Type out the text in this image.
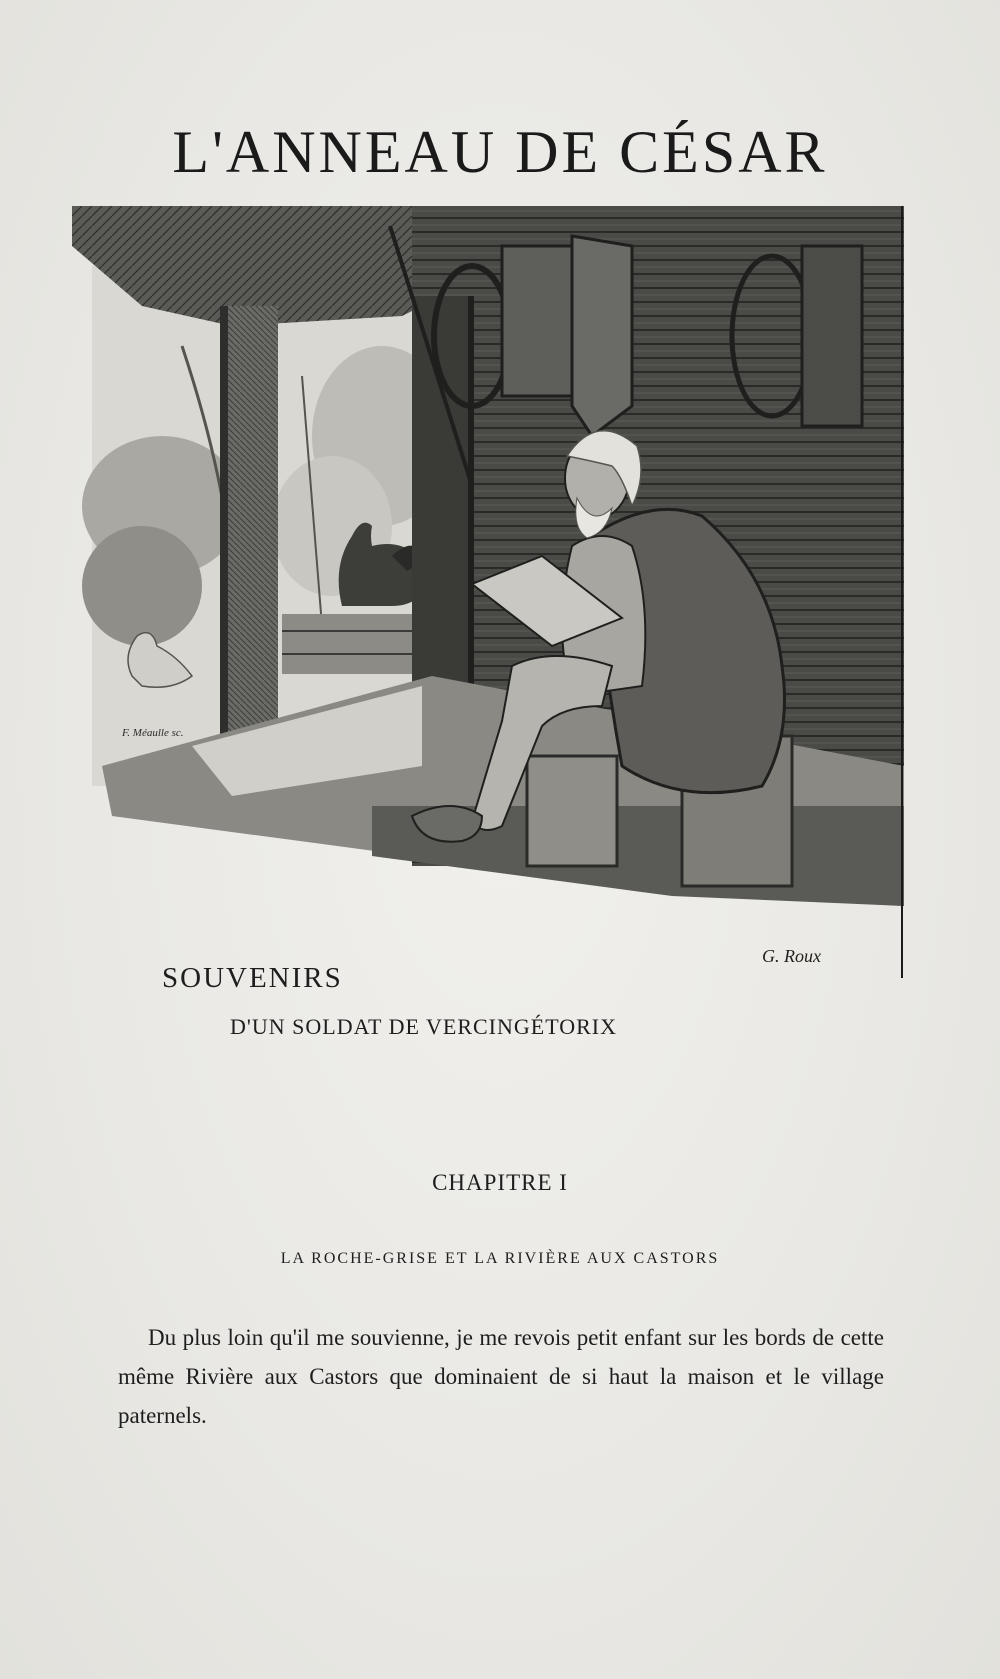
L'ANNEAU DE CÉSAR
F. Méaulle sc.
G. Roux
SOUVENIRS
D'UN SOLDAT DE VERCINGÉTORIX
CHAPITRE I
LA ROCHE-GRISE ET LA RIVIÈRE AUX CASTORS

Du plus loin qu'il me souvienne, je me revois petit enfant sur les bords de cette même Rivière aux Castors que dominaient de si haut la maison et le village paternels.
